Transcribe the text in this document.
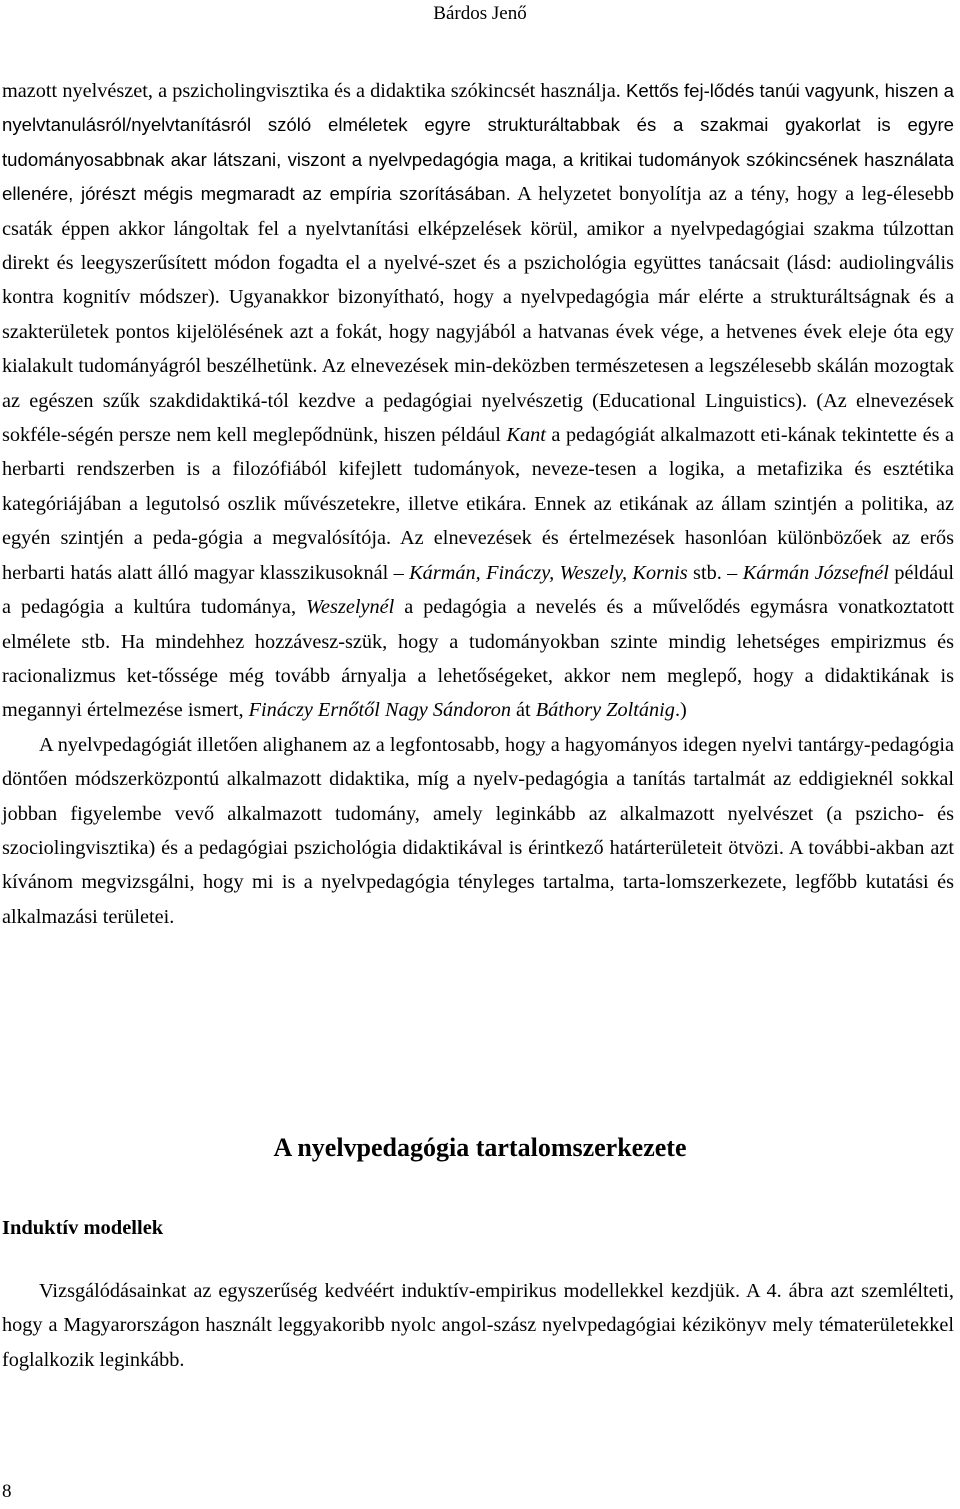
Bárdos Jenő

mazott nyelvészet, a pszicholingvisztika és a didaktika szókincsét használja. Kettős fej-lődés tanúi vagyunk, hiszen a nyelvtanulásról/nyelvtanításról szóló elméletek egyre strukturáltabbak és a szakmai gyakorlat is egyre tudományosabbnak akar látszani, viszont a nyelvpedagógia maga, a kritikai tudományok szókincsének használata ellenére, jórészt mégis megmaradt az empíria szorításában. A helyzetet bonyolítja az a tény, hogy a leg-élesebb csaták éppen akkor lángoltak fel a nyelvtanítási elképzelések körül, amikor a nyelvpedagógiai szakma túlzottan direkt és leegyszerűsített módon fogadta el a nyelvé-szet és a pszichológia együttes tanácsait (lásd: audiolingvális kontra kognitív módszer). Ugyanakkor bizonyítható, hogy a nyelvpedagógia már elérte a strukturáltságnak és a szakterületek pontos kijelölésének azt a fokát, hogy nagyjából a hatvanas évek vége, a hetvenes évek eleje óta egy kialakult tudományágról beszélhetünk. Az elnevezések min-deközben természetesen a legszélesebb skálán mozogtak az egészen szűk szakdidaktiká-tól kezdve a pedagógiai nyelvészetig (Educational Linguistics). (Az elnevezések sokféle-ségén persze nem kell meglepődnünk, hiszen például Kant a pedagógiát alkalmazott eti-kának tekintette és a herbarti rendszerben is a filozófiából kifejlett tudományok, neveze-tesen a logika, a metafizika és esztétika kategóriájában a legutolsó oszlik művészetekre, illetve etikára. Ennek az etikának az állam szintjén a politika, az egyén szintjén a peda-gógia a megvalósítója. Az elnevezések és értelmezések hasonlóan különbözőek az erős herbarti hatás alatt álló magyar klasszikusoknál – Kármán, Fináczy, Weszely, Kornis stb. – Kármán Józsefnél például a pedagógia a kultúra tudománya, Weszelynél a pedagógia a nevelés és a művelődés egymásra vonatkoztatott elmélete stb. Ha mindehhez hozzávesz-szük, hogy a tudományokban szinte mindig lehetséges empirizmus és racionalizmus ket-tőssége még tovább árnyalja a lehetőségeket, akkor nem meglepő, hogy a didaktikának is megannyi értelmezése ismert, Fináczy Ernőtől Nagy Sándoron át Báthory Zoltánig.)

A nyelvpedagógiát illetően alighanem az a legfontosabb, hogy a hagyományos idegen nyelvi tantárgy-pedagógia döntően módszerközpontú alkalmazott didaktika, míg a nyelv-pedagógia a tanítás tartalmát az eddigieknél sokkal jobban figyelembe vevő alkalmazott tudomány, amely leginkább az alkalmazott nyelvészet (a pszicho- és szociolingvisztika) és a pedagógiai pszichológia didaktikával is érintkező határterületeit ötvözi. A további-akban azt kívánom megvizsgálni, hogy mi is a nyelvpedagógia tényleges tartalma, tarta-lomszerkezete, legfőbb kutatási és alkalmazási területei.

A nyelvpedagógia tartalomszerkezete
Induktív modellek

Vizsgálódásainkat az egyszerűség kedvéért induktív-empirikus modellekkel kezdjük. A 4. ábra azt szemlélteti, hogy a Magyarországon használt leggyakoribb nyolc angol-szász nyelvpedagógiai kézikönyv mely tématerületekkel foglalkozik leginkább.

8
